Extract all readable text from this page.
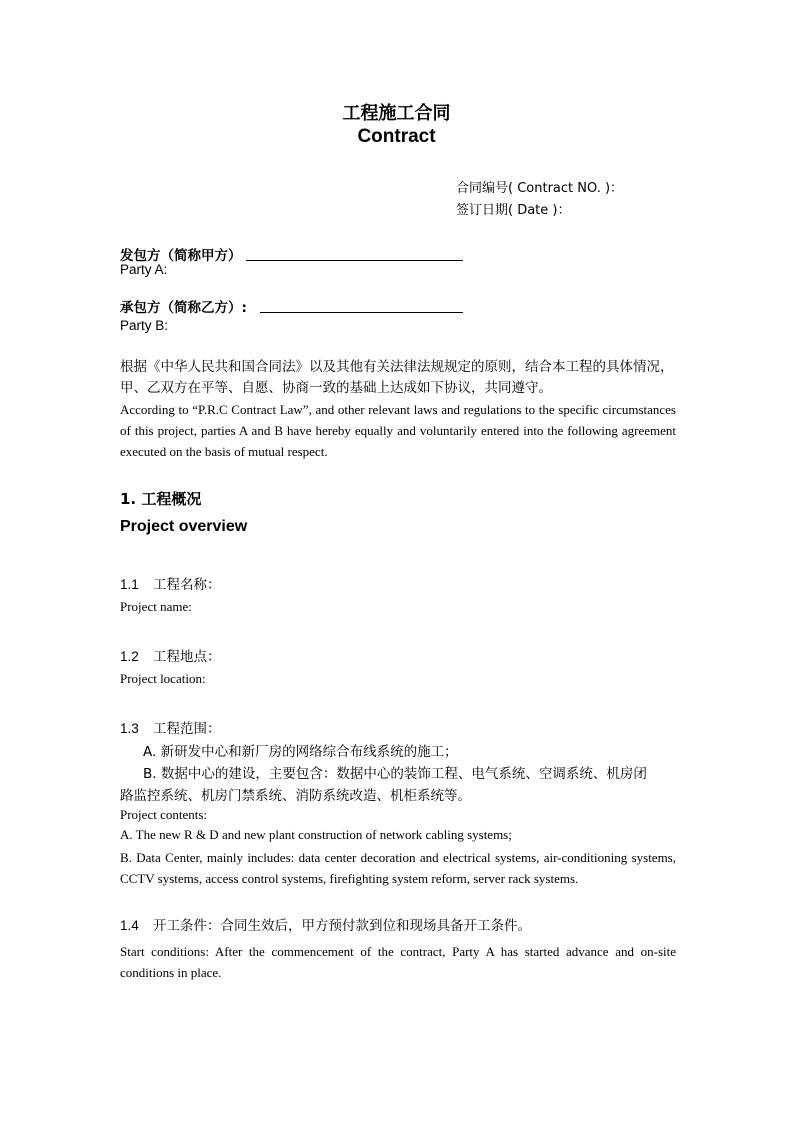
工程施工合同
Contract
合同编号( Contract NO. )：
签订日期( Date )：
发包方（简称甲方）
Party A:
承包方（简称乙方）:
Party B:
根据《中华人民共和国合同法》以及其他有关法律法规规定的原则，结合本工程的具体情况，
甲、乙双方在平等、自愿、协商一致的基础上达成如下协议，共同遵守。
According to “P.R.C Contract Law”, and other relevant laws and regulations to the specific circumstances of this project, parties A and B have hereby equally and voluntarily entered into the following agreement executed on the basis of mutual respect.
1. 工程概况
Project overview
1.1 工程名称：
Project name:
1.2 工程地点：
Project location:
1.3 工程范围：
A. 新研发中心和新厂房的网络综合布线系统的施工；
B. 数据中心的建设，主要包含：数据中心的装饰工程、电气系统、空调系统、机房闭
路监控系统、机房门禁系统、消防系统改造、机柜系统等。
Project contents:
A. The new R & D and new plant construction of network cabling systems;
B. Data Center, mainly includes: data center decoration and electrical systems, air-conditioning systems, CCTV systems, access control systems, firefighting system reform, server rack systems.
1.4 开工条件：合同生效后，甲方预付款到位和现场具备开工条件。
Start conditions: After the commencement of the contract, Party A has started advance and on-site conditions in place.
